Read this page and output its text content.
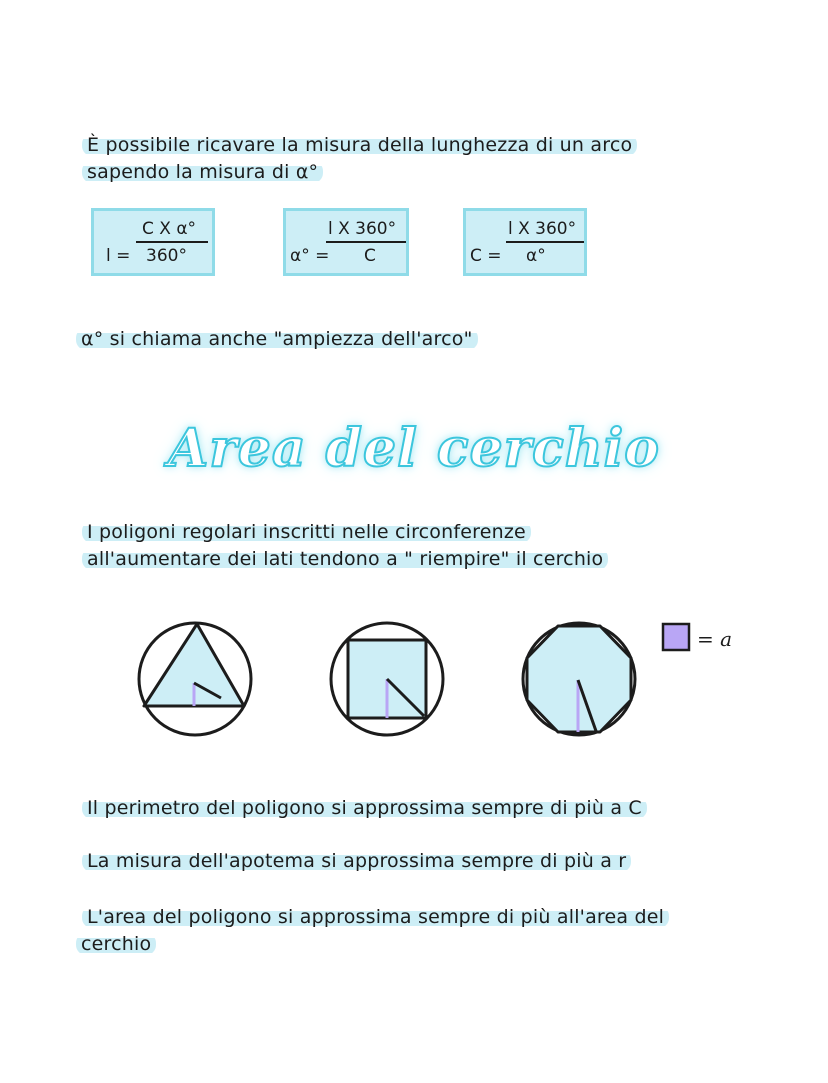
È possibile ricavare la misura della lunghezza di un arco
sapendo la misura di α°
C X α°
l = 360°
l X 360°
α° = C
l X 360°
C = α°
α° si chiama anche "ampiezza dell'arco"
Area del cerchio
I poligoni regolari inscritti nelle circonferenze
all'aumentare dei lati tendono a " riempire" il cerchio
= a
Il perimetro del poligono si approssima sempre di più a C
La misura dell'apotema si approssima sempre di più a r
L'area del poligono si approssima sempre di più all'area del
cerchio
